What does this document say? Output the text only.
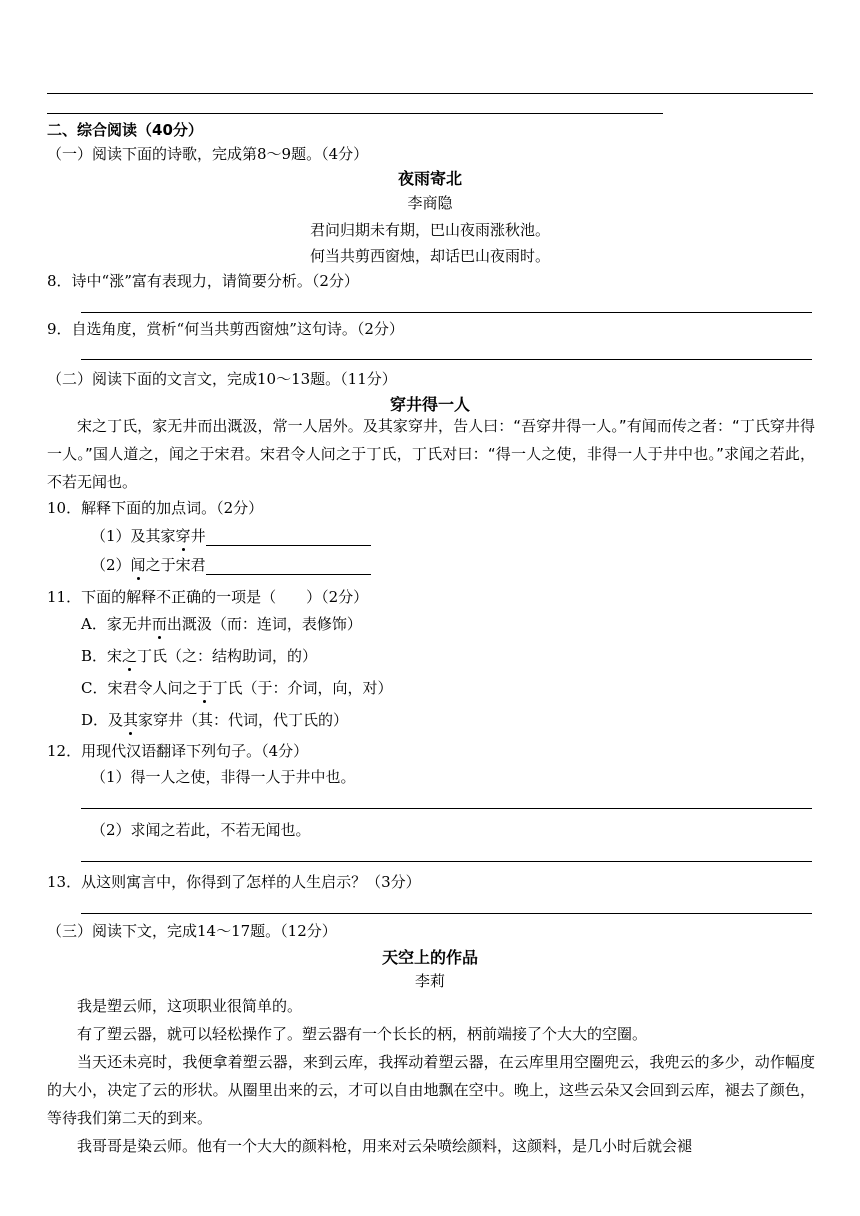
二、综合阅读（40分）
（一）阅读下面的诗歌，完成第8～9题。（4分）
夜雨寄北
李商隐
君问归期未有期，巴山夜雨涨秋池。
何当共剪西窗烛，却话巴山夜雨时。
8．诗中“涨”富有表现力，请简要分析。（2分）
9．自选角度，赏析“何当共剪西窗烛”这句诗。（2分）
（二）阅读下面的文言文，完成10～13题。（11分）
穿井得一人
宋之丁氏，家无井而出溉汲，常一人居外。及其家穿井，告人曰：“吾穿井得一人。”有闻而传之者：“丁氏穿井得一人。”国人道之，闻之于宋君。宋君令人问之于丁氏，丁氏对曰：“得一人之使，非得一人于井中也。”求闻之若此，不若无闻也。
10．解释下面的加点词。（2分）
（1）及其家穿井
（2）闻之于宋君
11．下面的解释不正确的一项是（　　）（2分）
A．家无井而出溉汲（而：连词，表修饰）
B．宋之丁氏（之：结构助词，的）
C．宋君令人问之于丁氏（于：介词，向，对）
D．及其家穿井（其：代词，代丁氏的）
12．用现代汉语翻译下列句子。（4分）
（1）得一人之使，非得一人于井中也。
（2）求闻之若此，不若无闻也。
13．从这则寓言中，你得到了怎样的人生启示？（3分）
（三）阅读下文，完成14～17题。（12分）
天空上的作品
李莉
我是塑云师，这项职业很简单的。
有了塑云器，就可以轻松操作了。塑云器有一个长长的柄，柄前端接了个大大的空圈。
当天还未亮时，我便拿着塑云器，来到云库，我挥动着塑云器，在云库里用空圈兜云，我兜云的多少，动作幅度的大小，决定了云的形状。从圈里出来的云，才可以自由地飘在空中。晚上，这些云朵又会回到云库，褪去了颜色，等待我们第二天的到来。
我哥哥是染云师。他有一个大大的颜料枪，用来对云朵喷绘颜料，这颜料，是几小时后就会褪
